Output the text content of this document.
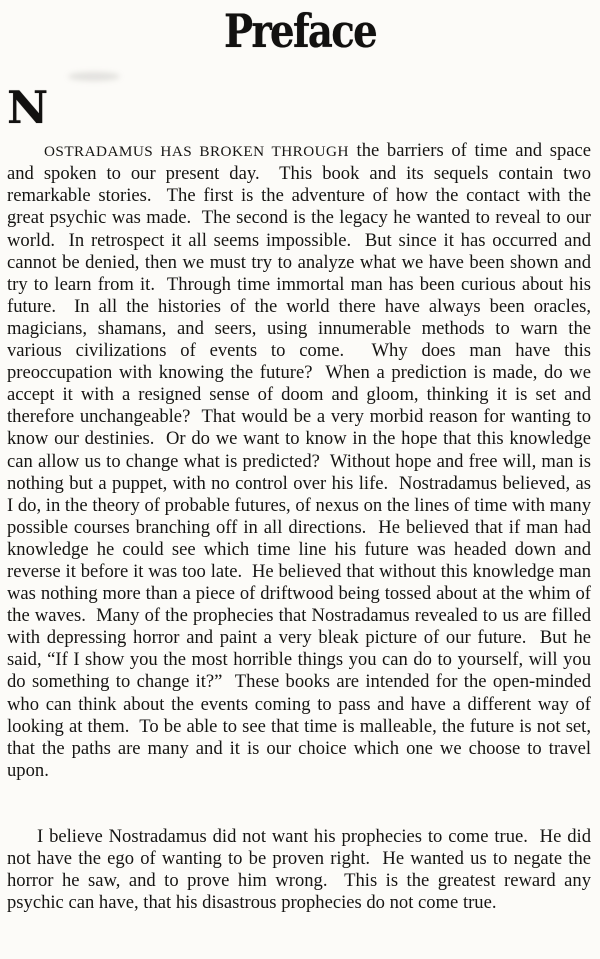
Preface
N

OSTRADAMUS HAS BROKEN THROUGH the barriers of time and space and spoken to our present day.  This book and its sequels contain two remarkable stories.  The first is the adventure of how the contact with the great psychic was made.  The second is the legacy he wanted to reveal to our world.  In retrospect it all seems impossible.  But since it has occurred and cannot be denied, then we must try to analyze what we have been shown and try to learn from it.  Through time immortal man has been curious about his future.  In all the histories of the world there have always been oracles, magicians, shamans, and seers, using innumerable methods to warn the various civilizations of events to come.  Why does man have this preoccupation with knowing the future?  When a prediction is made, do we accept it with a resigned sense of doom and gloom, thinking it is set and therefore unchangeable?  That would be a very morbid reason for wanting to know our destinies.  Or do we want to know in the hope that this knowledge can allow us to change what is predicted?  Without hope and free will, man is nothing but a puppet, with no control over his life.  Nostradamus believed, as I do, in the theory of probable futures, of nexus on the lines of time with many possible courses branching off in all directions.  He believed that if man had knowledge he could see which time line his future was headed down and reverse it before it was too late.  He believed that without this knowledge man was nothing more than a piece of driftwood being tossed about at the whim of the waves.  Many of the prophecies that Nostradamus revealed to us are filled with depressing horror and paint a very bleak picture of our future.  But he said, “If I show you the most horrible things you can do to yourself, will you do something to change it?”  These books are intended for the open-minded who can think about the events coming to pass and have a different way of looking at them.  To be able to see that time is malleable, the future is not set, that the paths are many and it is our choice which one we choose to travel upon.

I believe Nostradamus did not want his prophecies to come true.  He did not have the ego of wanting to be proven right.  He wanted us to negate the horror he saw, and to prove him wrong.  This is the greatest reward any psychic can have, that his disastrous prophecies do not come true.
